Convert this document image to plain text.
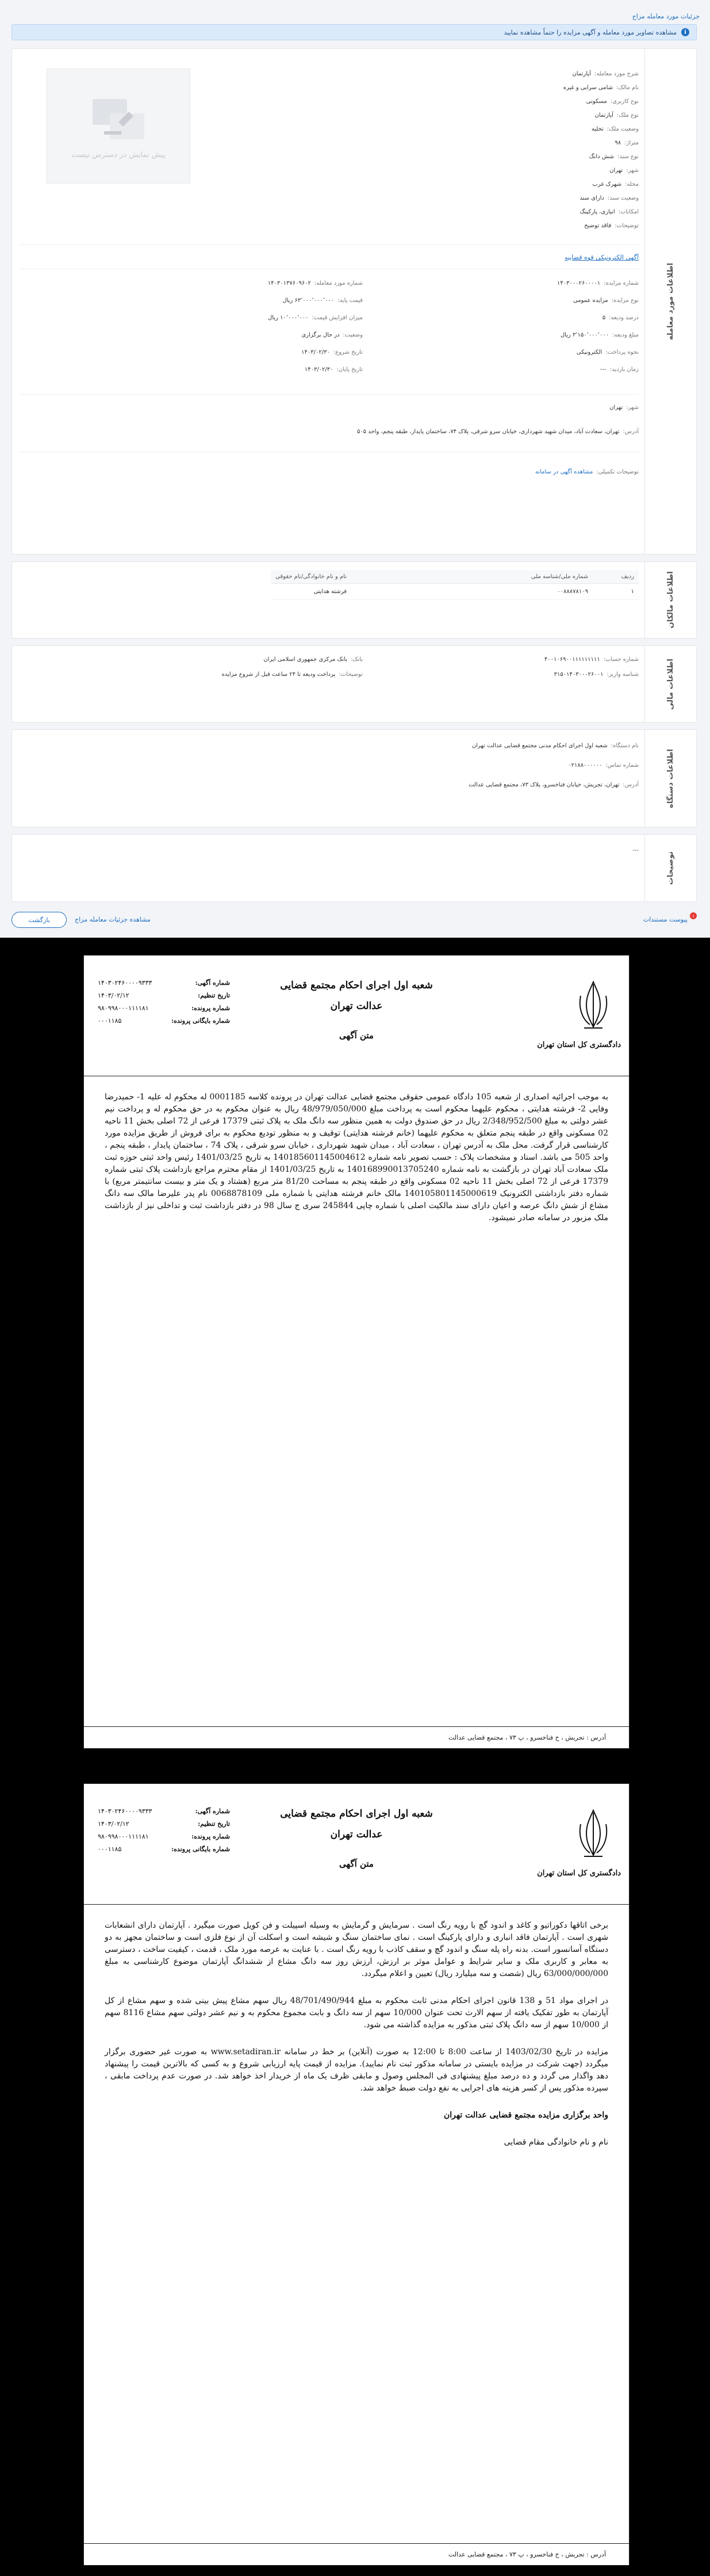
جزئیات مورد معامله مزاج
i
مشاهده تصاویر مورد معامله و آگهی مزایده را حتماً مشاهده نمایید
اطلاعات مورد معامله
پیش نمایش در دسترس نیست
شرح مورد معامله:آپارتمان
نام مالک:شامی سرابی و غیره
نوع کاربری:مسکونی
نوع ملک:آپارتمان
وضعیت ملک:تخلیه
متراژ:۹۸
نوع سند:شش دانگ
شهر:تهران
محله:شهرک غرب
وضعیت سند:دارای سند
امکانات:انباری، پارکینگ
توضیحات:فاقد توضیح
آگهی الکترونیکی قوه قضاییه
شماره مزایده:۱۴۰۳۰۰۰۲۶۰۰۰۰۱
نوع مزایده:مزایده عمومی
درصد ودیعه:۵
مبلغ ودیعه:۳٬۱۵۰٬۰۰۰٬۰۰۰ ریال
نحوه پرداخت:الکترونیکی
زمان بازدید:---
شماره مورد معامله:۱۴۰۳۰۱۳۷۶۰۹۶۰۲
قیمت پایه:۶۳٬۰۰۰٬۰۰۰٬۰۰۰ ریال
میزان افزایش قیمت:۱۰٬۰۰۰٬۰۰۰ ریال
وضعیت:در حال برگزاری
تاریخ شروع:۱۴۰۳/۰۲/۳۰
تاریخ پایان:۱۴۰۳/۰۲/۳۰
شهر:تهران
آدرس:تهران، سعادت آباد، میدان شهید شهرداری، خیابان سرو شرقی، پلاک ۷۴، ساختمان پایدار، طبقه پنجم، واحد ۵۰۵
توضیحات تکمیلی:مشاهده آگهی در سامانه
اطلاعات مالکان
ردیف	شماره ملی/شناسه ملی	نام و نام خانوادگی/نام حقوقی
۱	۰۰۸۸۸۷۸۱۰۹	فرشته هدایتی
اطلاعات مالی
شماره حساب:۴۰۰۱۰۶۹۰۰۱۱۱۱۱۱۱۱۱
شناسه واریز:۳۱۵۰۱۴۰۳۰۰۰۲۶۰۰۱
بانک:بانک مرکزی جمهوری اسلامی ایران
توضیحات:پرداخت ودیعه تا ۲۴ ساعت قبل از شروع مزایده
اطلاعات دستگاه
نام دستگاه:شعبه اول اجرای احکام مدنی مجتمع قضایی عدالت تهران
شماره تماس:۰۲۱۸۸۰۰۰۰۰۰
آدرس:تهران، تجریش، خیابان فناخسرو، پلاک ۷۳، مجتمع قضایی عدالت
توضیحات
---
۱
پیوست مستندات
مشاهده جزئیات معامله مزاج
بازگشت
دادگستری کل استان تهران
شعبه اول اجرای احکام مجتمع قضایی
عدالت تهران
متن آگهی
شماره آگهی:
۱۴۰۳۰۲۴۶۰۰۰۰۹۳۳۳
تاریخ تنظیم:
۱۴۰۳/۰۲/۱۲
شماره پرونده:
۹۸۰۹۹۸۰۰۰۱۱۱۱۸۱
شماره بایگانی پرونده:
۰۰۰۱۱۸۵

به موجب اجرائیه اصداری از شعبه 105 دادگاه عمومی حقوقی مجتمع قضایی عدالت تهران در پرونده کلاسه 0001185 له محکوم له علیه 1- حمیدرضا وفایی 2- فرشته هدایتی ، محکوم علیهما محکوم است به پرداخت مبلغ 48/979/050/000 ریال به عنوان محکوم به در حق محکوم له و پرداخت نیم عشر دولتی به مبلغ 2/348/952/500 ریال در حق صندوق دولت به همین منظور سه دانگ ملک به پلاک ثبتی 17379 فرعی از 72 اصلی بخش 11 ناحیه 02 مسکونی واقع در طبقه پنجم متعلق به محکوم علیهما (خانم فرشته هدایتی) توقیف و به منظور تودیع محکوم به برای فروش از طریق مزایده مورد کارشناسی قرار گرفت. محل ملک به آدرس تهران ، سعادت آباد ، میدان شهید شهرداری ، خیابان سرو شرقی ، پلاک 74 ، ساختمان پایدار ، طبقه پنجم ، واحد 505 می باشد. اسناد و مشخصات پلاک : حسب تصویر نامه شماره 140185601145004612 به تاریخ 1401/03/25 رئیس واحد ثبتی حوزه ثبت ملک سعادت آباد تهران در بازگشت به نامه شماره 140168990013705240 به تاریخ 1401/03/25 از مقام محترم مراجع بازداشت پلاک ثبتی شماره 17379 فرعی از 72 اصلی بخش 11 ناحیه 02 مسکونی واقع در طبقه پنجم به مساحت 81/20 متر مربع (هشتاد و یک متر و بیست سانتیمتر مربع) با شماره دفتر بازداشتی الکترونیک 140105801145000619 مالک خانم فرشته هدایتی با شماره ملی 0068878109 نام پدر علیرضا مالک سه دانگ مشاع از شش دانگ عرصه و اعیان دارای سند مالکیت اصلی با شماره چاپی 245844 سری ج سال 98 در دفتر بازداشت ثبت و تداخلی نیز از بازداشت ملک مزبور در سامانه صادر نمیشود.

آدرس : تجریش ، خ فناخسرو ، پ ۷۳ ، مجتمع قضایی عدالت
دادگستری کل استان تهران
شعبه اول اجرای احکام مجتمع قضایی
عدالت تهران
متن آگهی
شماره آگهی:
۱۴۰۳۰۲۴۶۰۰۰۰۹۳۳۳
تاریخ تنظیم:
۱۴۰۳/۰۲/۱۲
شماره پرونده:
۹۸۰۹۹۸۰۰۰۱۱۱۱۸۱
شماره بایگانی پرونده:
۰۰۰۱۱۸۵

برخی اتاقها دکوراتیو و کاغذ و اندود گچ با رویه رنگ است . سرمایش و گرمایش به وسیله اسپیلت و فن کویل صورت میگیرد . آپارتمان دارای انشعابات شهری است . آپارتمان فاقد انباری و دارای پارکینگ است . نمای ساختمان سنگ و شیشه است و اسکلت آن از نوع فلزی است و ساختمان مجهز به دو دستگاه آسانسور است. بدنه راه پله سنگ و اندود گچ و سقف کاذب با رویه رنگ است . با عنایت به عرصه مورد ملک ، قدمت ، کیفیت ساخت ، دسترسی به معابر و کاربری ملک و سایر شرایط و عوامل موثر بر ارزش، ارزش روز سه دانگ مشاع از ششدانگ آپارتمان موضوع کارشناسی به مبلغ 63/000/000/000 ریال (شصت و سه میلیارد ریال) تعیین و اعلام میگردد.

در اجرای مواد 51 و 138 قانون اجرای احکام مدنی ثابت محکوم به مبلغ 48/701/490/944 ریال سهم مشاع پیش بینی شده و سهم مشاع از کل آپارتمان به طور تفکیک یافته از سهم الارث تحت عنوان 10/000 سهم از سه دانگ و بابت مجموع محکوم به و نیم عشر دولتی سهم مشاع 8116 سهم از 10/000 سهم از سه دانگ پلاک ثبتی مذکور به مزایده گذاشته می شود.

مزایده در تاریخ 1403/02/30 از ساعت 8:00 تا 12:00 به صورت (آنلاین) بر خط در سامانه www.setadiran.ir به صورت غیر حضوری برگزار میگردد (جهت شرکت در مزایده بایستی در سامانه مذکور ثبت نام نمایید). مزایده از قیمت پایه ارزیابی شروع و به کسی که بالاترین قیمت را پیشنهاد دهد واگذار می گردد و ده درصد مبلغ پیشنهادی فی المجلس وصول و مابقی ظرف یک ماه از خریدار اخذ خواهد شد. در صورت عدم پرداخت مابقی ، سپرده مذکور پس از کسر هزینه های اجرایی به نفع دولت ضبط خواهد شد.

واحد برگزاری مزایده مجتمع قضایی عدالت تهران

نام و نام خانوادگی مقام قضایی

آدرس : تجریش ، خ فناخسرو ، پ ۷۳ ، مجتمع قضایی عدالت
